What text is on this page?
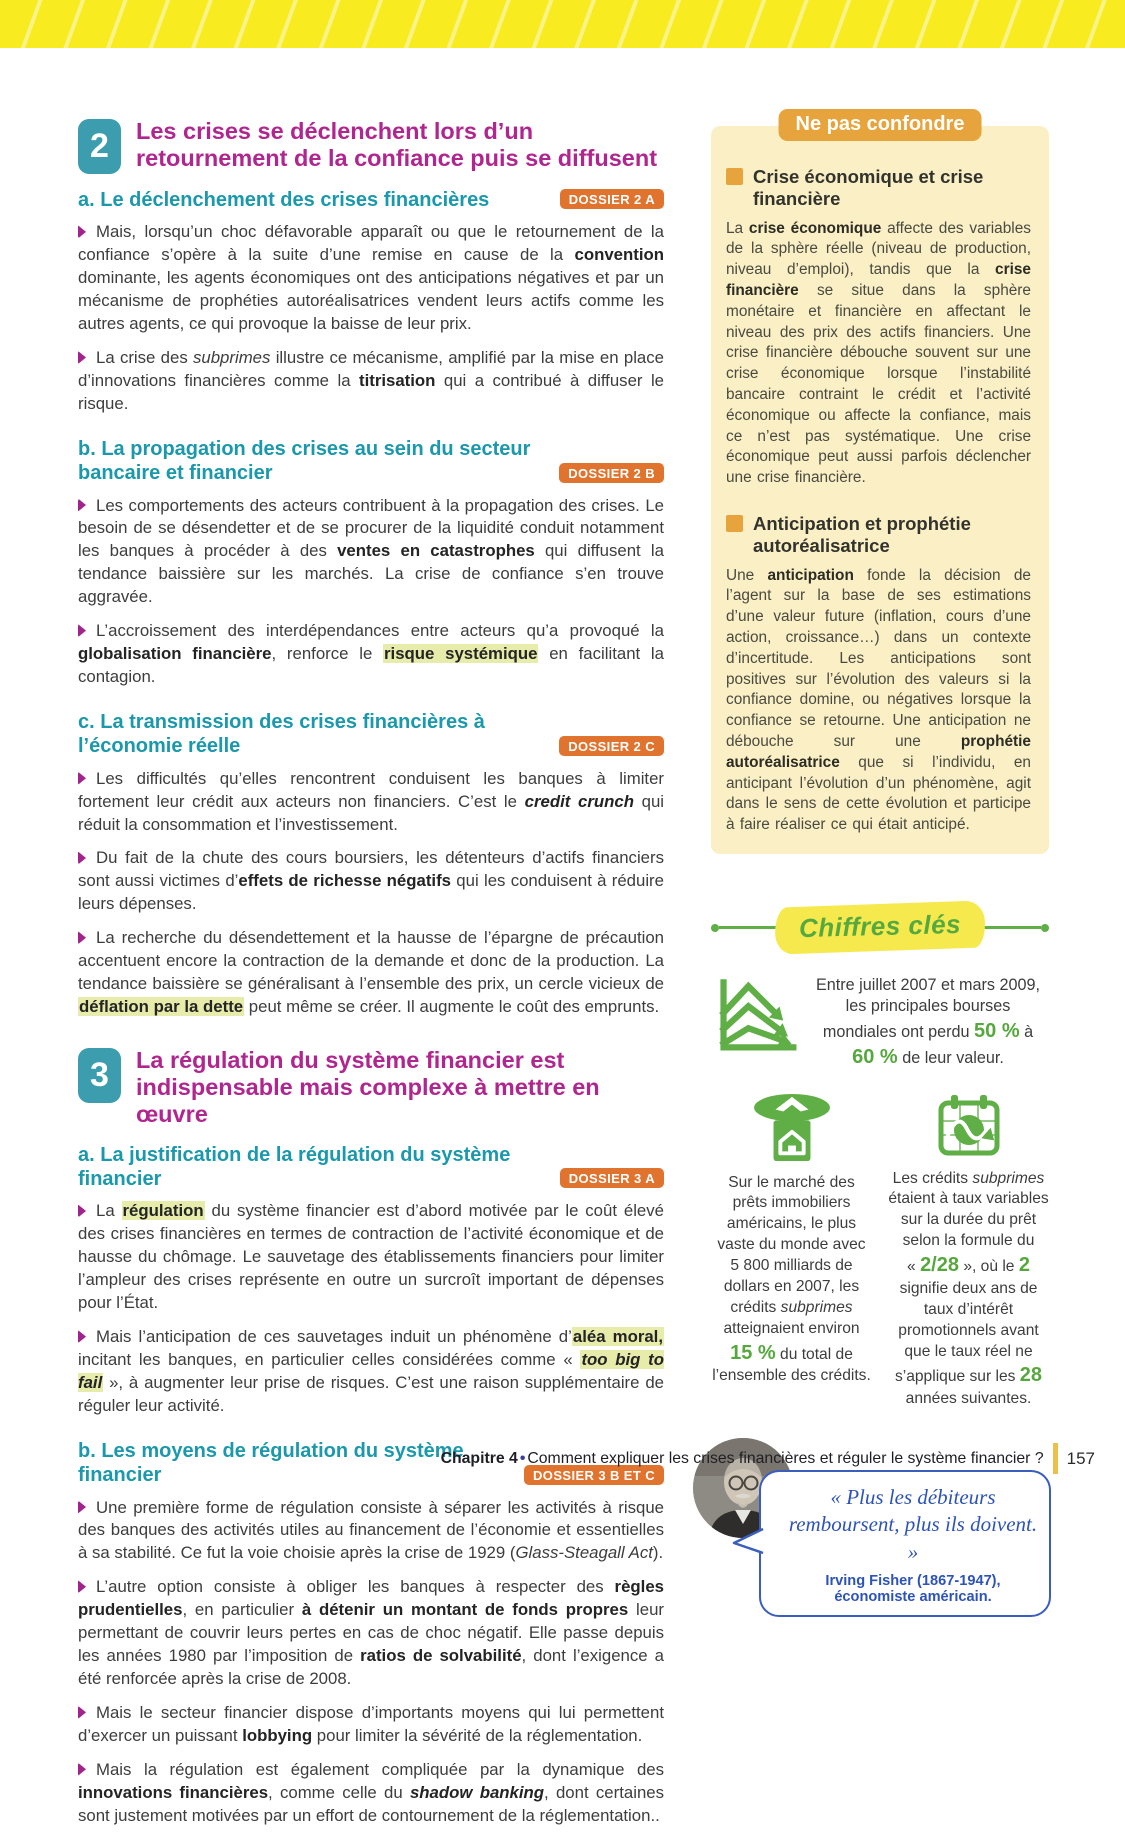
2	Les crises se déclenchent lors d’un retournement de la confiance puis se diffusent
a. Le déclenchement des crises financières	DOSSIER 2 A

Mais, lorsqu’un choc défavorable apparaît ou que le retournement de la confiance s’opère à la suite d’une remise en cause de la convention dominante, les agents économiques ont des anticipations négatives et par un mécanisme de prophéties autoréalisatrices vendent leurs actifs comme les autres agents, ce qui provoque la baisse de leur prix.

La crise des subprimes illustre ce mécanisme, amplifié par la mise en place d’innovations financières comme la titrisation qui a contribué à diffuser le risque.

b. La propagation des crises au sein du secteur bancaire et financier	DOSSIER 2 B

Les comportements des acteurs contribuent à la propagation des crises. Le besoin de se désendetter et de se procurer de la liquidité conduit notamment les banques à procéder à des ventes en catastrophes qui diffusent la tendance baissière sur les marchés. La crise de confiance s’en trouve aggravée.

L’accroissement des interdépendances entre acteurs qu’a provoqué la globalisation financière, renforce le risque systémique en facilitant la contagion.

c. La transmission des crises financières à l’économie réelle	DOSSIER 2 C

Les difficultés qu’elles rencontrent conduisent les banques à limiter fortement leur crédit aux acteurs non financiers. C’est le credit crunch qui réduit la consommation et l’investissement.

Du fait de la chute des cours boursiers, les détenteurs d’actifs financiers sont aussi victimes d’effets de richesse négatifs qui les conduisent à réduire leurs dépenses.

La recherche du désendettement et la hausse de l’épargne de précaution accentuent encore la contraction de la demande et donc de la production. La tendance baissière se généralisant à l’ensemble des prix, un cercle vicieux de déflation par la dette peut même se créer. Il augmente le coût des emprunts.

3	La régulation du système financier est indispensable mais complexe à mettre en œuvre
a. La justification de la régulation du système financier	DOSSIER 3 A

La régulation du système financier est d’abord motivée par le coût élevé des crises financières en termes de contraction de l’activité économique et de hausse du chômage. Le sauvetage des établissements financiers pour limiter l’ampleur des crises représente en outre un surcroît important de dépenses pour l’État.

Mais l’anticipation de ces sauvetages induit un phénomène d’aléa moral, incitant les banques, en particulier celles considérées comme « too big to fail », à augmenter leur prise de risques. C’est une raison supplémentaire de réguler leur activité.

b. Les moyens de régulation du système financier	DOSSIER 3 B ET C

Une première forme de régulation consiste à séparer les activités à risque des banques des activités utiles au financement de l’économie et essentielles à sa stabilité. Ce fut la voie choisie après la crise de 1929 (Glass-Steagall Act).

L’autre option consiste à obliger les banques à respecter des règles prudentielles, en particulier à détenir un montant de fonds propres leur permettant de couvrir leurs pertes en cas de choc négatif. Elle passe depuis les années 1980 par l’imposition de ratios de solvabilité, dont l’exigence a été renforcée après la crise de 2008.

Mais le secteur financier dispose d’importants moyens qui lui permettent d’exercer un puissant lobbying pour limiter la sévérité de la réglementation.

Mais la régulation est également compliquée par la dynamique des innovations financières, comme celle du shadow banking, dont certaines sont justement motivées par un effort de contournement de la réglementation..

Ne pas confondre
Crise économique et crise financière
La crise économique affecte des variables de la sphère réelle (niveau de production, niveau d’emploi), tandis que la crise financière se situe dans la sphère monétaire et financière en affectant le niveau des prix des actifs financiers. Une crise financière débouche souvent sur une crise économique lorsque l’instabilité bancaire contraint le crédit et l’activité économique ou affecte la confiance, mais ce n’est pas systématique. Une crise économique peut aussi parfois déclencher une crise financière.
Anticipation et prophétie autoréalisatrice
Une anticipation fonde la décision de l’agent sur la base de ses estimations d’une valeur future (inflation, cours d’une action, croissance…) dans un contexte d’incertitude. Les anticipations sont positives sur l’évolution des valeurs si la confiance domine, ou négatives lorsque la confiance se retourne. Une anticipation ne débouche sur une prophétie autoréalisatrice que si l’individu, en anticipant l’évolution d’un phénomène, agit dans le sens de cette évolution et participe à faire réaliser ce qui était anticipé.
Chiffres clés
Entre juillet 2007 et mars 2009, les principales bourses mondiales ont perdu 50 % à 60 % de leur valeur.
Sur le marché des prêts immobiliers américains, le plus vaste du monde avec 5 800 milliards de dollars en 2007, les crédits subprimes atteignaient environ 15 % du total de l’ensemble des crédits.
Les crédits subprimes étaient à taux variables sur la durée du prêt selon la formule du « 2/28 », où le 2 signifie deux ans de taux d’intérêt promotionnels avant que le taux réel ne s’applique sur les 28 années suivantes.
« Plus les débiteurs remboursent, plus ils doivent. »
Irving Fisher (1867-1947), économiste américain.
Chapitre 4 • Comment expliquer les crises financières et réguler le système financier ? 157
